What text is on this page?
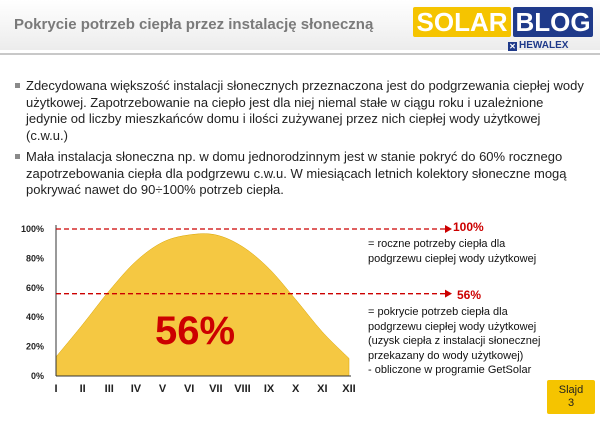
Pokrycie potrzeb ciepła przez instalację słoneczną SOLAR BLOG
✕ HEWALEX
Zdecydowana większość instalacji słonecznych przeznaczona jest do podgrzewania ciepłej wody użytkowej. Zapotrzebowanie na ciepło jest dla niej niemal stałe w ciągu roku i uzależnione jedynie od liczby mieszkańców domu i ilości zużywanej przez nich ciepłej wody użytkowej (c.w.u.)
Mała instalacja słoneczna np. w domu jednorodzinnym jest w stanie pokryć do 60% rocznego zapotrzebowania ciepła dla podgrzewu c.w.u. W miesiącach letnich kolektory słoneczne mogą pokrywać nawet do 90÷100% potrzeb ciepła.
0%
20%
40%
60%
80%
100%
I II III IV V VI VII VIII IX X XI XII
56%
100%
56%
= roczne potrzeby ciepła dla
podgrzewu ciepłej wody użytkowej
= pokrycie potrzeb ciepła dla
podgrzewu ciepłej wody użytkowej
(uzysk ciepła z instalacji słonecznej
przekazany do wody użytkowej)
- obliczone w programie GetSolar
Slajd
3
